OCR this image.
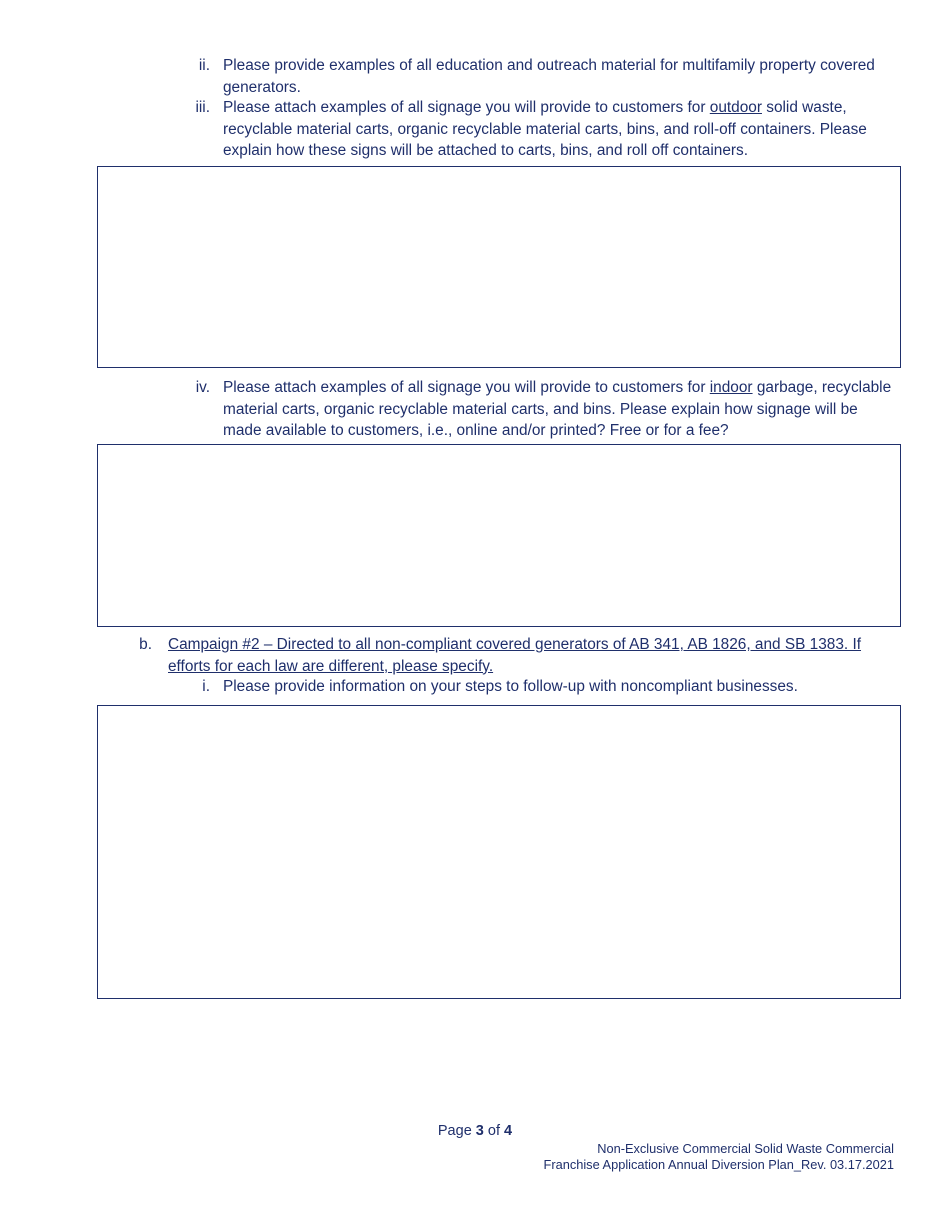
ii. Please provide examples of all education and outreach material for multifamily property covered generators.
iii. Please attach examples of all signage you will provide to customers for outdoor solid waste, recyclable material carts, organic recyclable material carts, bins, and roll-off containers. Please explain how these signs will be attached to carts, bins, and roll off containers.
iv. Please attach examples of all signage you will provide to customers for indoor garbage, recyclable material carts, organic recyclable material carts, and bins. Please explain how signage will be made available to customers, i.e., online and/or printed? Free or for a fee?
b. Campaign #2 – Directed to all non-compliant covered generators of AB 341, AB 1826, and SB 1383. If efforts for each law are different, please specify.
i. Please provide information on your steps to follow-up with noncompliant businesses.
Page 3 of 4
Non-Exclusive Commercial Solid Waste Commercial
Franchise Application Annual Diversion Plan_Rev. 03.17.2021
